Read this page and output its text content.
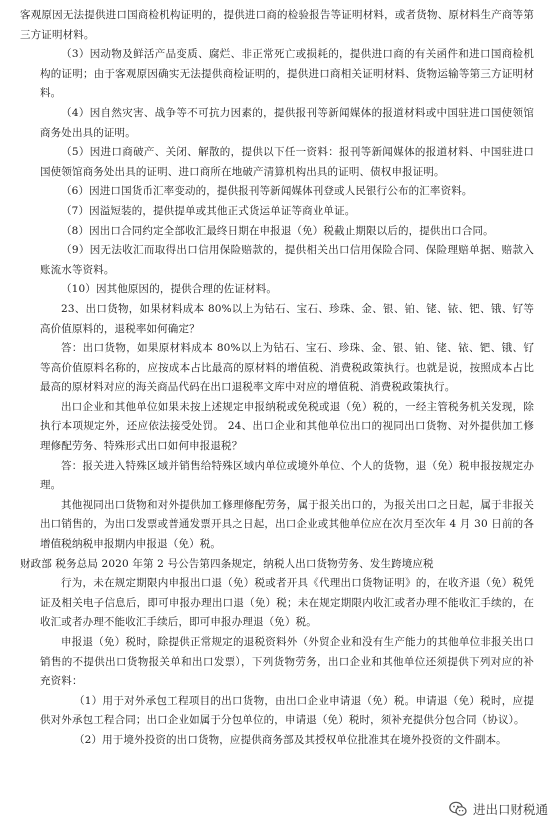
客观原因无法提供进口国商检机构证明的，提供进口商的检验报告等证明材料，或者货物、原材料生产商等第三方证明材料。

（3）因动物及鲜活产品变质、腐烂、非正常死亡或损耗的，提供进口商的有关函件和进口国商检机构的证明；由于客观原因确实无法提供商检证明的，提供进口商相关证明材料、货物运输等第三方证明材料。

（4）因自然灾害、战争等不可抗力因素的，提供报刊等新闻媒体的报道材料或中国驻进口国使领馆商务处出具的证明。

（5）因进口商破产、关闭、解散的，提供以下任一资料：报刊等新闻媒体的报道材料、中国驻进口国使领馆商务处出具的证明、进口商所在地破产清算机构出具的证明、债权申报证明。

（6）因进口国货币汇率变动的，提供报刊等新闻媒体刊登或人民银行公布的汇率资料。

（7）因溢短装的，提供提单或其他正式货运单证等商业单证。

（8）因出口合同约定全部收汇最终日期在申报退（免）税截止期限以后的，提供出口合同。

（9）因无法收汇而取得出口信用保险赔款的，提供相关出口信用保险合同、保险理赔单据、赔款入账流水等资料。

（10）因其他原因的，提供合理的佐证材料。

23、出口货物，如果材料成本 80%以上为钻石、宝石、珍珠、金、银、铂、铑、铱、钯、锇、钌等高价值原料的，退税率如何确定？

答：出口货物，如果原材料成本 80%以上为钻石、宝石、珍珠、金、银、铂、铑、铱、钯、锇、钌等高价值原料名称的，应按成本占比最高的原材料的增值税、消费税政策执行。也就是说，按照成本占比最高的原材料对应的海关商品代码在出口退税率文库中对应的增值税、消费税政策执行。

出口企业和其他单位如果未按上述规定申报纳税或免税或退（免）税的，一经主管税务机关发现，除执行本项规定外，还应依法接受处罚。 24、出口企业和其他单位出口的视同出口货物、对外提供加工修理修配劳务、特殊形式出口如何申报退税？

答：报关进入特殊区域并销售给特殊区域内单位或境外单位、个人的货物，退（免）税申报按规定办理。

其他视同出口货物和对外提供加工修理修配劳务，属于报关出口的，为报关出口之日起，属于非报关出口销售的，为出口发票或普通发票开具之日起，出口企业或其他单位应在次月至次年 4 月 30 日前的各增值税纳税申报期内申报退（免）税。

财政部 税务总局 2020 年第 2 号公告第四条规定，纳税人出口货物劳务、发生跨境应税

行为，未在规定期限内申报出口退（免）税或者开具《代理出口货物证明》的，在收齐退（免）税凭证及相关电子信息后，即可申报办理出口退（免）税；未在规定期限内收汇或者办理不能收汇手续的，在收汇或者办理不能收汇手续后，即可申报办理退（免）税。

申报退（免）税时，除提供正常规定的退税资料外（外贸企业和没有生产能力的其他单位非报关出口销售的不提供出口货物报关单和出口发票），下列货物劳务，出口企业和其他单位还须提供下列对应的补充资料：

（1）用于对外承包工程项目的出口货物，由出口企业申请退（免）税。申请退（免）税时，应提供对外承包工程合同；出口企业如属于分包单位的，申请退（免）税时，须补充提供分包合同（协议）。

（2）用于境外投资的出口货物，应提供商务部及其授权单位批准其在境外投资的文件副本。

进出口财税通
